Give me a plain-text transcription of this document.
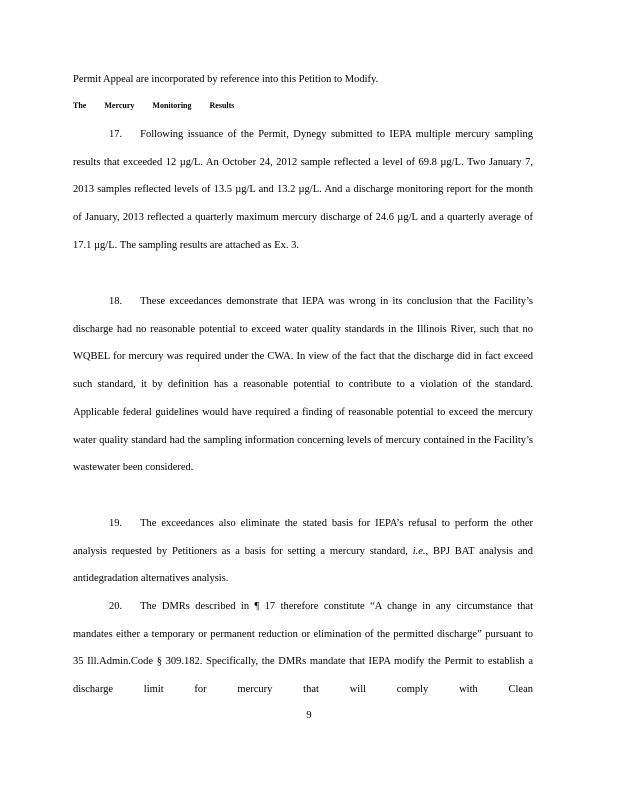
Permit Appeal are incorporated by reference into this Petition to Modify.
The Mercury Monitoring Results
17. Following issuance of the Permit, Dynegy submitted to IEPA multiple mercury sampling results that exceeded 12 µg/L. An October 24, 2012 sample reflected a level of 69.8 µg/L. Two January 7, 2013 samples reflected levels of 13.5 µg/L and 13.2 µg/L. And a discharge monitoring report for the month of January, 2013 reflected a quarterly maximum mercury discharge of 24.6 µg/L and a quarterly average of 17.1 µg/L. The sampling results are attached as Ex. 3.
18. These exceedances demonstrate that IEPA was wrong in its conclusion that the Facility’s discharge had no reasonable potential to exceed water quality standards in the Illinois River, such that no WQBEL for mercury was required under the CWA. In view of the fact that the discharge did in fact exceed such standard, it by definition has a reasonable potential to contribute to a violation of the standard. Applicable federal guidelines would have required a finding of reasonable potential to exceed the mercury water quality standard had the sampling information concerning levels of mercury contained in the Facility’s wastewater been considered.
19. The exceedances also eliminate the stated basis for IEPA’s refusal to perform the other analysis requested by Petitioners as a basis for setting a mercury standard, i.e., BPJ BAT analysis and antidegradation alternatives analysis.
20. The DMRs described in ¶ 17 therefore constitute “A change in any circumstance that mandates either a temporary or permanent reduction or elimination of the permitted discharge” pursuant to 35 Ill.Admin.Code § 309.182. Specifically, the DMRs mandate that IEPA modify the Permit to establish a discharge limit for mercury that will comply with Clean
9
